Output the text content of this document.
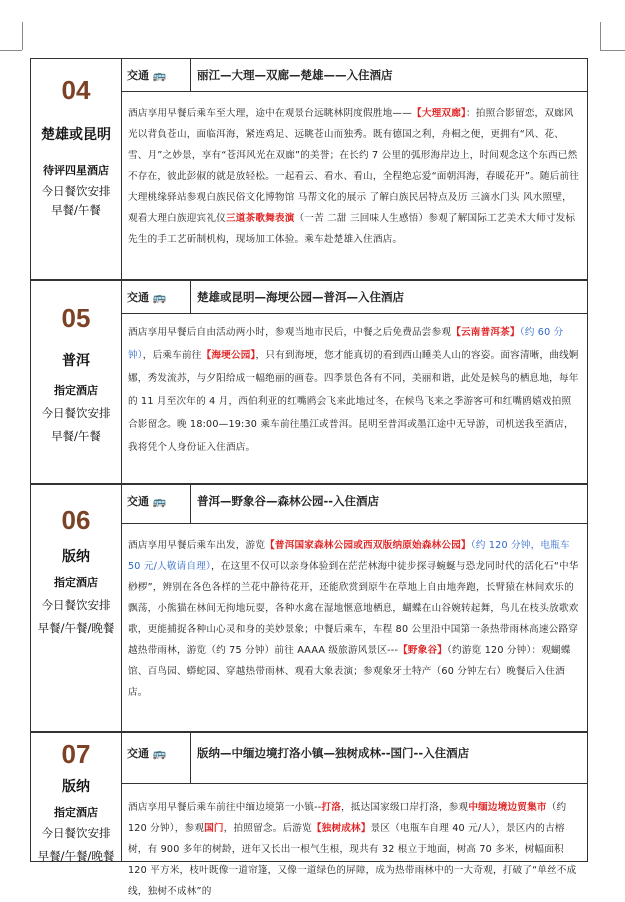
04
楚雄或昆明
待评四星酒店
今日餐饮安排
早餐/午餐
交通 🚌	丽江—大理—双廊—楚雄——入住酒店
酒店享用早餐后乘车至大理，途中在观景台远眺林阴度假胜地——【大理双廊】：拍照合影留恋，双廊风光以背負苍山，面临洱海，紧连鸡足、远眺苍山而独秀。既有德国之利，舟楫之便，更拥有“风、花、雪、月”之妙景，享有“苍洱风光在双廊”的美誉；在长约 7 公里的弧形海岸边上，时间观念这个东西已然不存在，彼此彭俶的就是放轻松。一起看云、看水、看山，全程绝忘爱“面朝洱海，春暖花开”。随后前往大理桃缘驿站参观白族民俗文化博物馆 马帮文化的展示 了解白族民居特点及历 三滴水门头 风水照壁，观看大理白族迎宾礼仪三道茶歌舞表演（一苦 二甜 三回味人生感悟）参观了解国际工艺美术大师寸发标先生的手工艺斫制机构，现场加工体验。乘车赴楚雄入住酒店。
05
普洱
指定酒店
今日餐饮安排
早餐/午餐
交通 🚌	楚雄或昆明—海埂公园—普洱—入住酒店
酒店享用早餐后自由活动两小时，参观当地市民后，中餐之后免费品尝参观【云南普洱茶】（约 60 分钟），后乘车前往【海埂公园】，只有到海埂，您才能真切的看到西山睡美人山的容姿。面容清晰，曲线婀娜，秀发流苏，与夕阳给成一幅绝丽的画卷。四季景色各有不同，美丽和谐，此处是候鸟的栖息地，每年的 11 月至次年的 4 月，西伯利亚的红嘴鸥会飞来此地过冬，在候鸟飞来之季游客可和红嘴鸥嬉戏拍照合影留念。晚 18:00—19:30 乘车前往墨江或普洱。昆明至普洱或墨江途中无导游，司机送我至酒店，我将凭个人身份证入住酒店。
06
版纳
指定酒店
今日餐饮安排
早餐/午餐/晚餐
交通 🚌	普洱—野象谷—森林公园--入住酒店
酒店享用早餐后乘车出发，游览【普洱国家森林公园或西双版纳原始森林公园】（约 120 分钟，电瓶车 50 元/人敬请自理），在这里不仅可以亲身体验到在茫茫林海中徒步探寻蜿蜒与恐龙同时代的活化石“中华桫椤”，辨别在各色各样的兰花中静待花开，还能欣赏到原牛在草地上自由地奔跑，长臂猿在林间欢乐的飘荡，小熊猫在林间无拘地玩耍，各种水禽在湿地惬意地栖息，蝴蝶在山谷婉转起舞，鸟儿在枝头放歌欢歌，更能捕捉各种山心灵和身的美妙景象；中餐后乘车，车程 80 公里沿中国第一条热带雨林高速公路穿越热带雨林，游览（约 75 分钟）前往 AAAA 级旅游风景区---【野象谷】（约游览 120 分钟）：观蝴蝶馆、百鸟园、蟒蛇园、穿越热带雨林、观看大象表演；参观象牙土特产（60 分钟左右）晚餐后入住酒店。
07
版纳
指定酒店
今日餐饮安排
早餐/午餐/晚餐
交通 🚌	版纳—中缅边境打洛小镇—独树成林--国门--入住酒店
酒店享用早餐后乘车前往中缅边境第一小镇--打洛，抵达国家级口岸打洛，参观中缅边境边贸集市（约 120 分钟），参观国门，拍照留念。后游览【独树成林】景区（电瓶车自理 40 元/人），景区内的古榕树，有 900 多年的树龄，迸年又长出一根气生根，现共有 32 根立于地面，树高 70 多米，树幅面积 120 平方米，枝叶既像一道帘篷，又像一道绿色的屏障，成为热带雨林中的一大奇观，打破了“单丝不成线，独树不成林”的
